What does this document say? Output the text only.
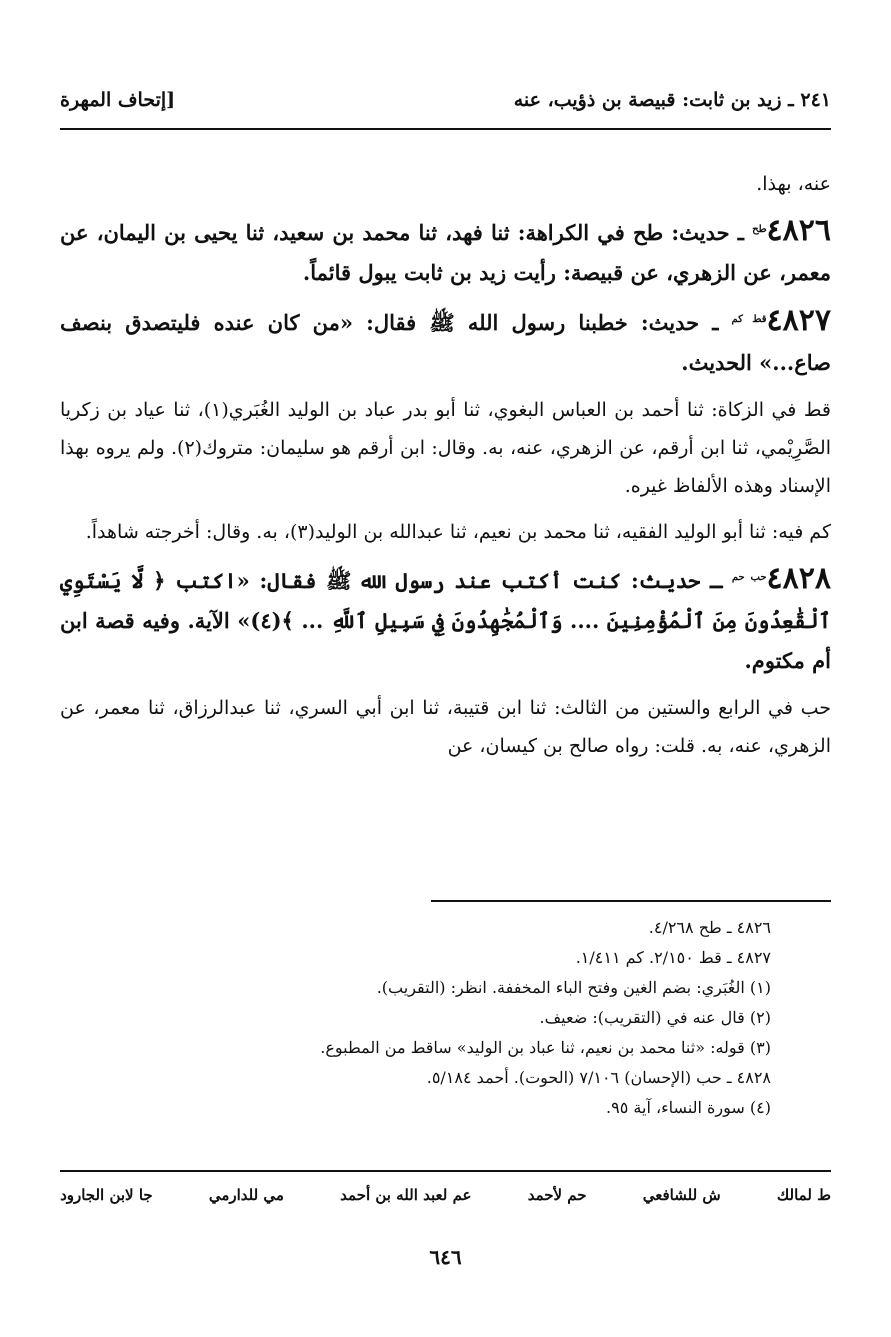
٢٤١ ـ زيد بن ثابت: قبيصة بن ذؤيب، عنه
[إتحاف المهرة

عنه، بهذا.

$٤٨٢٦^{طح}$ ـ حديث: طح في الكراهة: ثنا فهد، ثنا محمد بن سعيد، ثنا يحيى بن اليمان، عن معمر، عن الزهري، عن قبيصة: رأيت زيد بن ثابت يبول قائماً.

$٤٨٢٧^{قط كم}$ ـ حديث: خطبنا رسول الله ﷺ فقال: «من كان عنده فليتصدق بنصف صاع...» الحديث.

قط في الزكاة: ثنا أحمد بن العباس البغوي، ثنا أبو بدر عباد بن الوليد الغُبَري(١)، ثنا عياد بن زكريا الصَّرِيْمي، ثنا ابن أرقم، عن الزهري، عنه، به. وقال: ابن أرقم هو سليمان: متروك(٢). ولم يروه بهذا الإسناد وهذه الألفاظ غيره.

كم فيه: ثنا أبو الوليد الفقيه، ثنا محمد بن نعيم، ثنا عبدالله بن الوليد(٣)، به. وقال: أخرجته شاهداً.

$٤٨٢٨^{حب حم}$ ـ حديث: كنت أكتب عند رسول الله ﷺ فقال: «اكتب ﴿ لَّا يَسْتَوِي ٱلْقَٰعِدُونَ مِنَ ٱلْمُؤْمِنِينَ .... وَٱلْمُجَٰهِدُونَ فِي سَبِيلِ ٱللَّهِ ... ﴾(٤)» الآية. وفيه قصة ابن أم مكتوم.

حب في الرابع والستين من الثالث: ثنا ابن قتيبة، ثنا ابن أبي السري، ثنا عبدالرزاق، ثنا معمر، عن الزهري، عنه، به. قلت: رواه صالح بن كيسان، عن

٤٨٢٦ ـ طح ٤/٢٦٨.
٤٨٢٧ ـ قط ٢/١٥٠. كم ١/٤١١.
(١) الغُبَري: بضم الغين وفتح الباء المخففة. انظر: (التقريب).
(٢) قال عنه في (التقريب): ضعيف.
(٣) قوله: «ثنا محمد بن نعيم، ثنا عباد بن الوليد» ساقط من المطبوع.
٤٨٢٨ ـ حب (الإحسان) ٧/١٠٦ (الحوت). أحمد ٥/١٨٤.
(٤) سورة النساء، آية ٩٥.
ط لمالك
ش للشافعي
حم لأحمد
عم لعبد الله بن أحمد
مي للدارمي
جا لابن الجارود
٦٤٦
